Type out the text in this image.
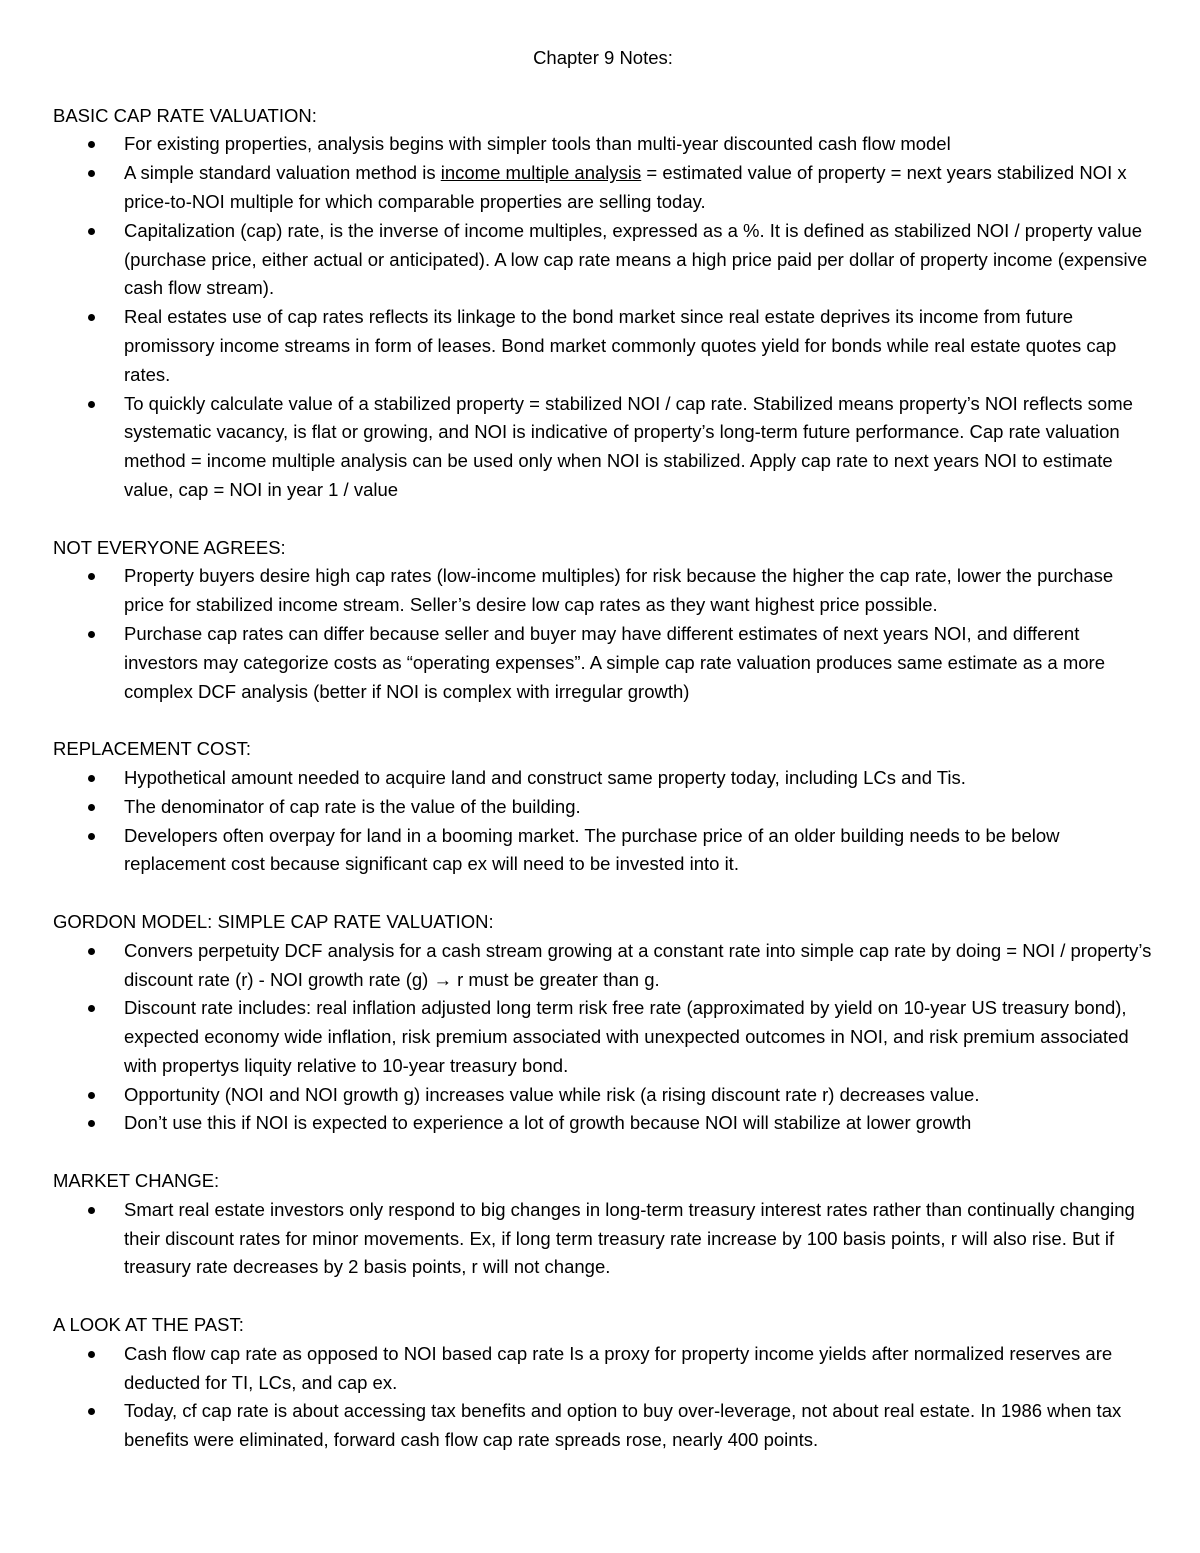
Chapter 9 Notes:
BASIC CAP RATE VALUATION:
For existing properties, analysis begins with simpler tools than multi-year discounted cash flow model
A simple standard valuation method is income multiple analysis = estimated value of property = next years stabilized NOI x price-to-NOI multiple for which comparable properties are selling today.
Capitalization (cap) rate, is the inverse of income multiples, expressed as a %. It is defined as stabilized NOI / property value (purchase price, either actual or anticipated). A low cap rate means a high price paid per dollar of property income (expensive cash flow stream).
Real estates use of cap rates reflects its linkage to the bond market since real estate deprives its income from future promissory income streams in form of leases. Bond market commonly quotes yield for bonds while real estate quotes cap rates.
To quickly calculate value of a stabilized property = stabilized NOI / cap rate. Stabilized means property’s NOI reflects some systematic vacancy, is flat or growing, and NOI is indicative of property’s long-term future performance. Cap rate valuation method = income multiple analysis can be used only when NOI is stabilized. Apply cap rate to next years NOI to estimate value, cap = NOI in year 1 / value
NOT EVERYONE AGREES:
Property buyers desire high cap rates (low-income multiples) for risk because the higher the cap rate, lower the purchase price for stabilized income stream. Seller’s desire low cap rates as they want highest price possible.
Purchase cap rates can differ because seller and buyer may have different estimates of next years NOI, and different investors may categorize costs as “operating expenses”. A simple cap rate valuation produces same estimate as a more complex DCF analysis (better if NOI is complex with irregular growth)
REPLACEMENT COST:
Hypothetical amount needed to acquire land and construct same property today, including LCs and Tis.
The denominator of cap rate is the value of the building.
Developers often overpay for land in a booming market. The purchase price of an older building needs to be below replacement cost because significant cap ex will need to be invested into it.
GORDON MODEL: SIMPLE CAP RATE VALUATION:
Convers perpetuity DCF analysis for a cash stream growing at a constant rate into simple cap rate by doing = NOI / property’s discount rate (r) - NOI growth rate (g) → r must be greater than g.
Discount rate includes: real inflation adjusted long term risk free rate (approximated by yield on 10-year US treasury bond), expected economy wide inflation, risk premium associated with unexpected outcomes in NOI, and risk premium associated with propertys liquity relative to 10-year treasury bond.
Opportunity (NOI and NOI growth g) increases value while risk (a rising discount rate r) decreases value.
Don’t use this if NOI is expected to experience a lot of growth because NOI will stabilize at lower growth
MARKET CHANGE:
Smart real estate investors only respond to big changes in long-term treasury interest rates rather than continually changing their discount rates for minor movements. Ex, if long term treasury rate increase by 100 basis points, r will also rise. But if treasury rate decreases by 2 basis points, r will not change.
A LOOK AT THE PAST:
Cash flow cap rate as opposed to NOI based cap rate Is a proxy for property income yields after normalized reserves are deducted for TI, LCs, and cap ex.
Today, cf cap rate is about accessing tax benefits and option to buy over-leverage, not about real estate. In 1986 when tax benefits were eliminated, forward cash flow cap rate spreads rose, nearly 400 points.
